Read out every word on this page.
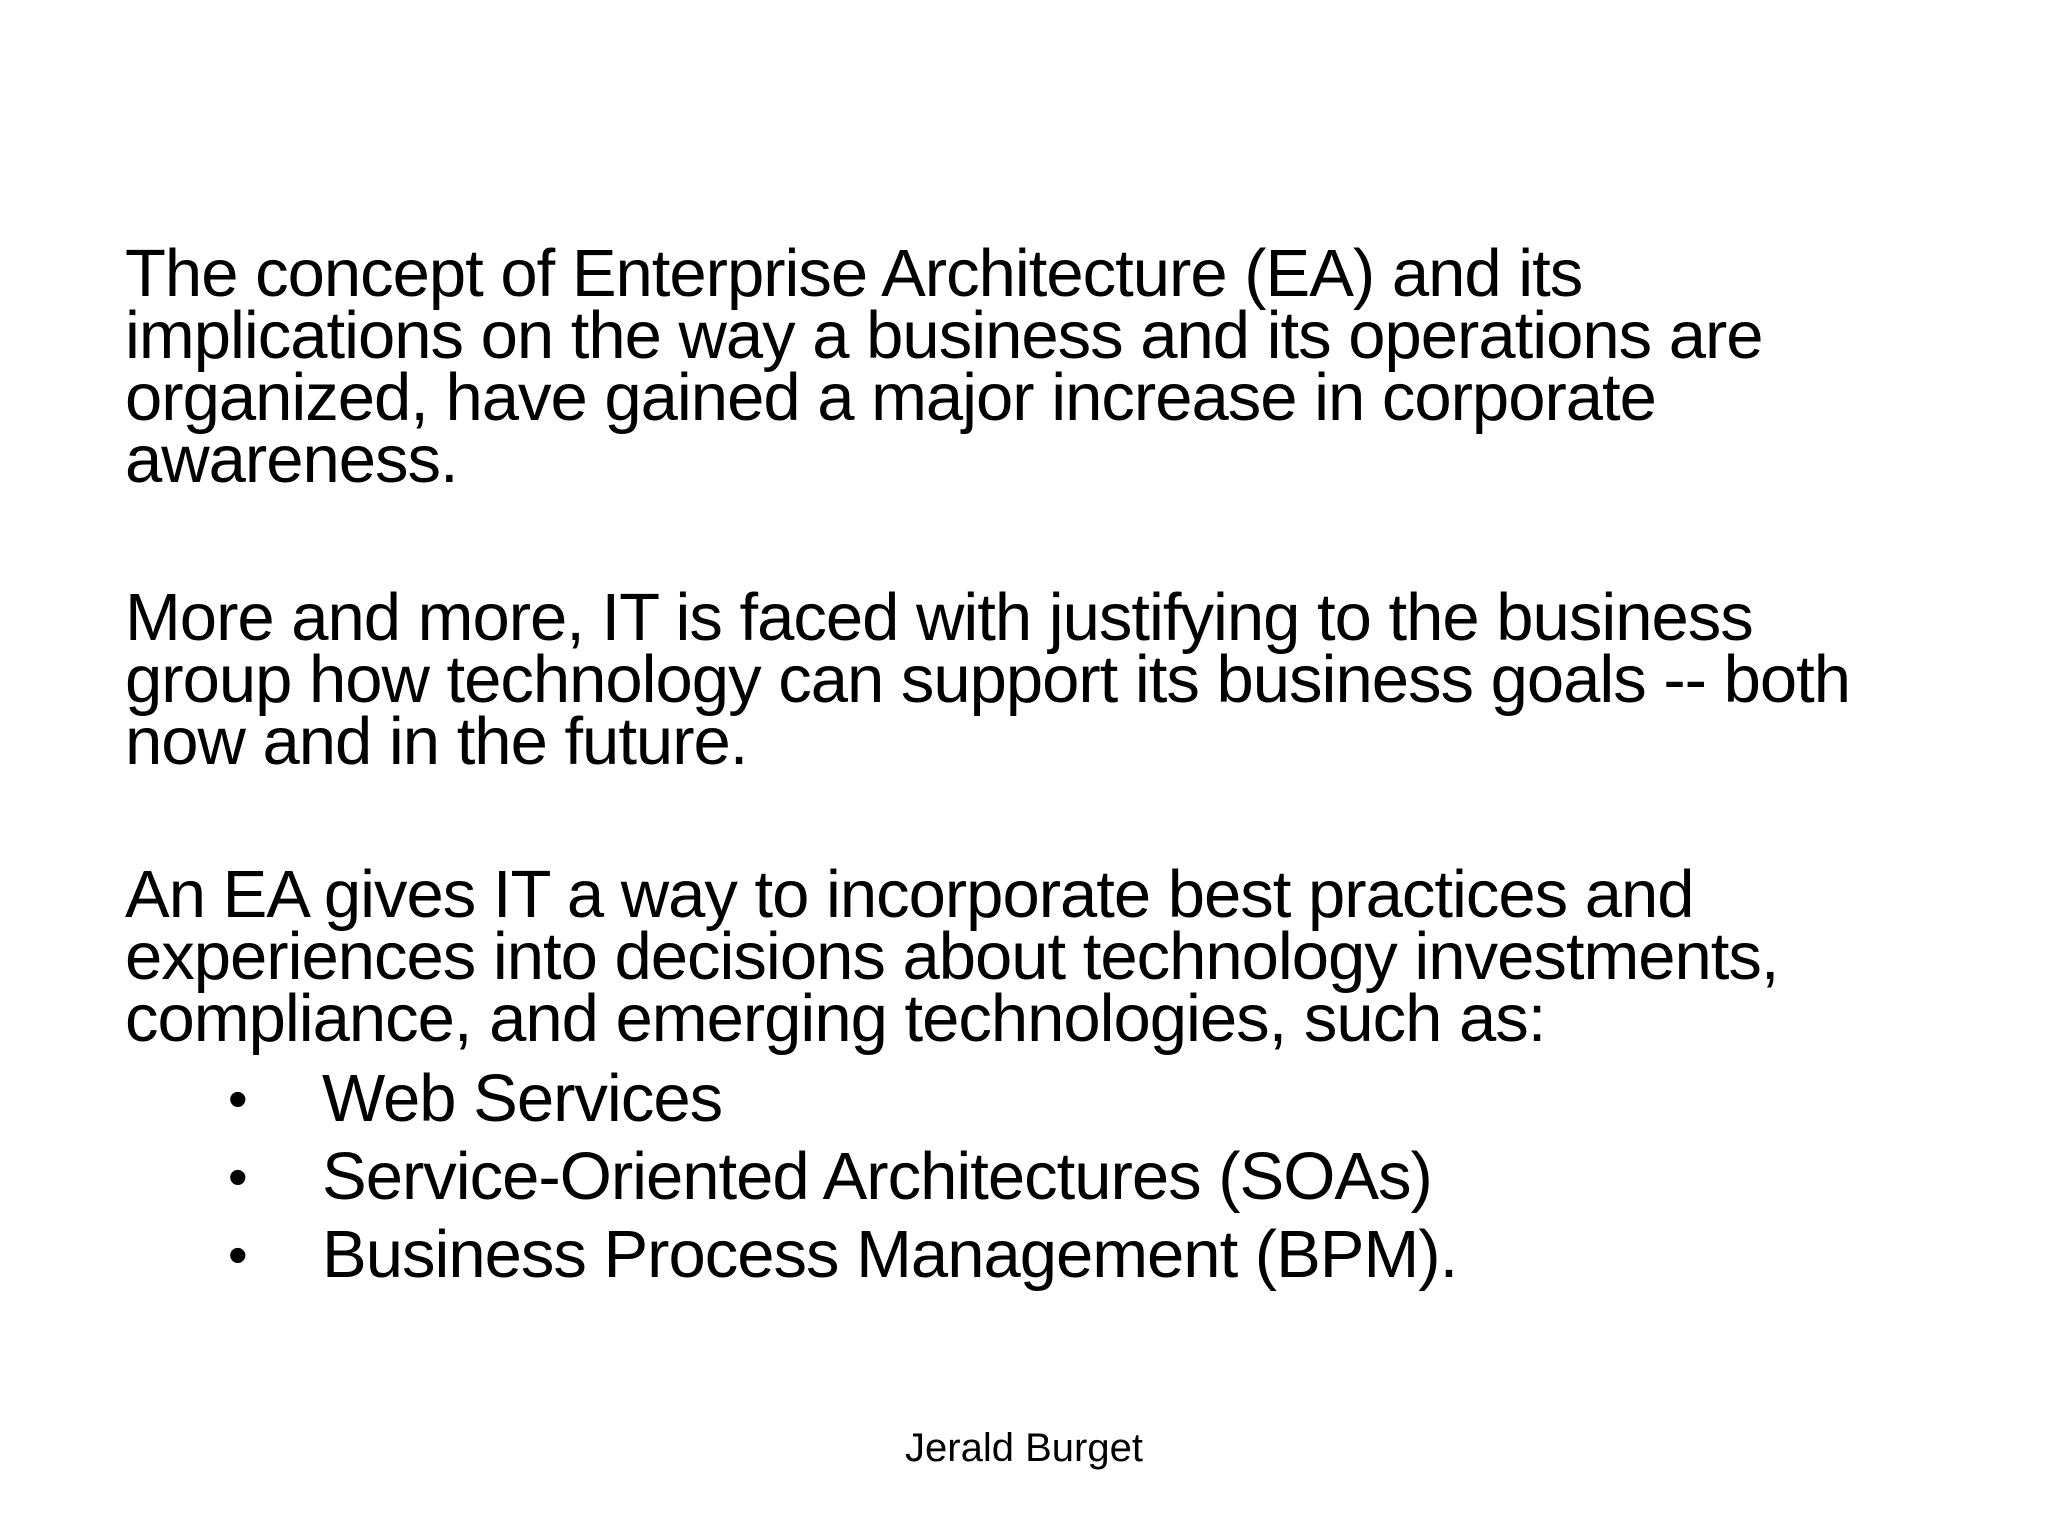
The concept of Enterprise Architecture (EA) and its
implications on the way a business and its operations are
organized, have gained a major increase in corporate
awareness.

More and more, IT is faced with justifying to the business
group how technology can support its business goals -- both
now and in the future.

An EA gives IT a way to incorporate best practices and
experiences into decisions about technology investments,
compliance, and emerging technologies, such as:

• Web Services
• Service-Oriented Architectures (SOAs)
• Business Process Management (BPM).
Jerald Burget
